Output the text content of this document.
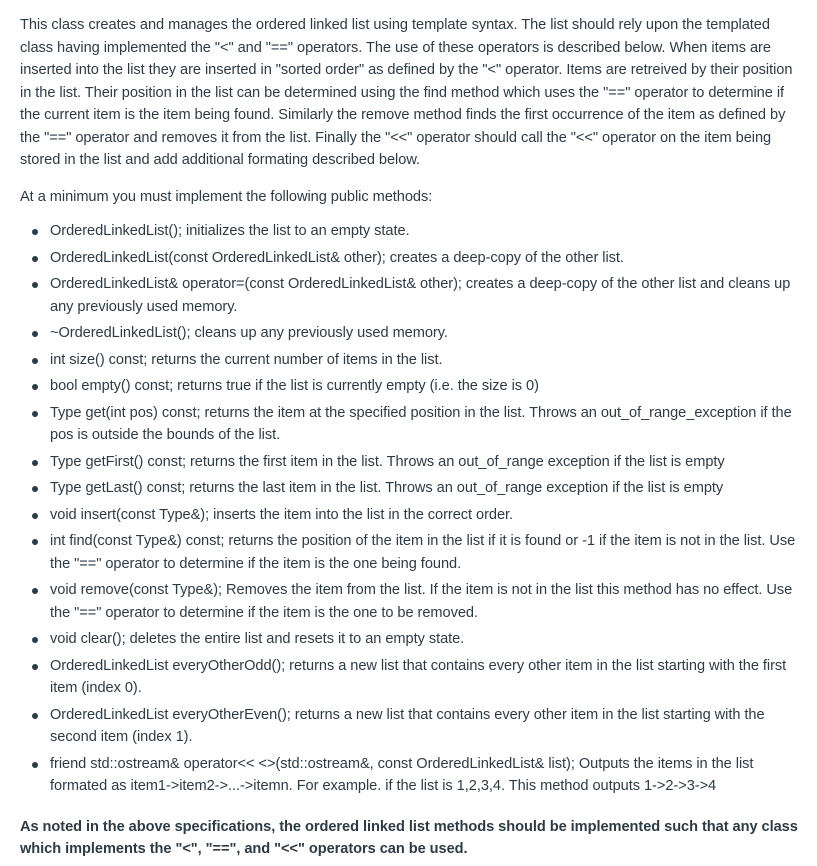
This class creates and manages the ordered linked list using template syntax. The list should rely upon the templated class having implemented the "<" and "==" operators. The use of these operators is described below. When items are inserted into the list they are inserted in "sorted order" as defined by the "<" operator. Items are retreived by their position in the list. Their position in the list can be determined using the find method which uses the "==" operator to determine if the current item is the item being found. Similarly the remove method finds the first occurrence of the item as defined by the "==" operator and removes it from the list. Finally the "<<" operator should call the "<<" operator on the item being stored in the list and add additional formating described below.

At a minimum you must implement the following public methods:

OrderedLinkedList(); initializes the list to an empty state.
OrderedLinkedList(const OrderedLinkedList& other); creates a deep-copy of the other list.
OrderedLinkedList& operator=(const OrderedLinkedList& other); creates a deep-copy of the other list and cleans up any previously used memory.
~OrderedLinkedList(); cleans up any previously used memory.
int size() const; returns the current number of items in the list.
bool empty() const; returns true if the list is currently empty (i.e. the size is 0)
Type get(int pos) const; returns the item at the specified position in the list. Throws an out_of_range_exception if the pos is outside the bounds of the list.
Type getFirst() const; returns the first item in the list. Throws an out_of_range exception if the list is empty
Type getLast() const; returns the last item in the list. Throws an out_of_range exception if the list is empty
void insert(const Type&); inserts the item into the list in the correct order.
int find(const Type&) const; returns the position of the item in the list if it is found or -1 if the item is not in the list. Use the "==" operator to determine if the item is the one being found.
void remove(const Type&); Removes the item from the list. If the item is not in the list this method has no effect. Use the "==" operator to determine if the item is the one to be removed.
void clear(); deletes the entire list and resets it to an empty state.
OrderedLinkedList everyOtherOdd(); returns a new list that contains every other item in the list starting with the first item (index 0).
OrderedLinkedList everyOtherEven(); returns a new list that contains every other item in the list starting with the second item (index 1).
friend std::ostream& operator<< <>(std::ostream&, const OrderedLinkedList& list); Outputs the items in the list formated as item1->item2->...->itemn. For example. if the list is 1,2,3,4. This method outputs 1->2->3->4

As noted in the above specifications, the ordered linked list methods should be implemented such that any class which implements the "<", "==", and "<<" operators can be used.
